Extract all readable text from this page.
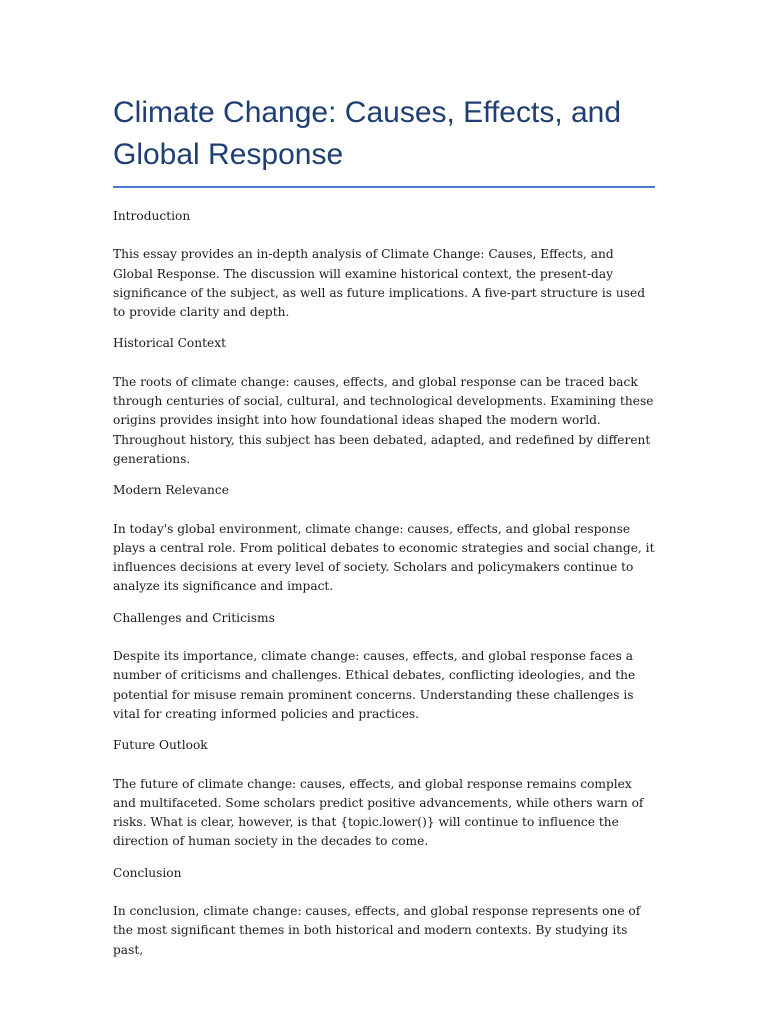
Climate Change: Causes, Effects, and Global Response

Introduction

This essay provides an in-depth analysis of Climate Change: Causes, Effects, and Global Response. The discussion will examine historical context, the present-day significance of the subject, as well as future implications. A five-part structure is used to provide clarity and depth.

Historical Context

The roots of climate change: causes, effects, and global response can be traced back through centuries of social, cultural, and technological developments. Examining these origins provides insight into how foundational ideas shaped the modern world. Throughout history, this subject has been debated, adapted, and redefined by different generations.

Modern Relevance

In today's global environment, climate change: causes, effects, and global response plays a central role. From political debates to economic strategies and social change, it influences decisions at every level of society. Scholars and policymakers continue to analyze its significance and impact.

Challenges and Criticisms

Despite its importance, climate change: causes, effects, and global response faces a number of criticisms and challenges. Ethical debates, conflicting ideologies, and the potential for misuse remain prominent concerns. Understanding these challenges is vital for creating informed policies and practices.

Future Outlook

The future of climate change: causes, effects, and global response remains complex and multifaceted. Some scholars predict positive advancements, while others warn of risks. What is clear, however, is that {topic.lower()} will continue to influence the direction of human society in the decades to come.

Conclusion

In conclusion, climate change: causes, effects, and global response represents one of the most significant themes in both historical and modern contexts. By studying its past,
